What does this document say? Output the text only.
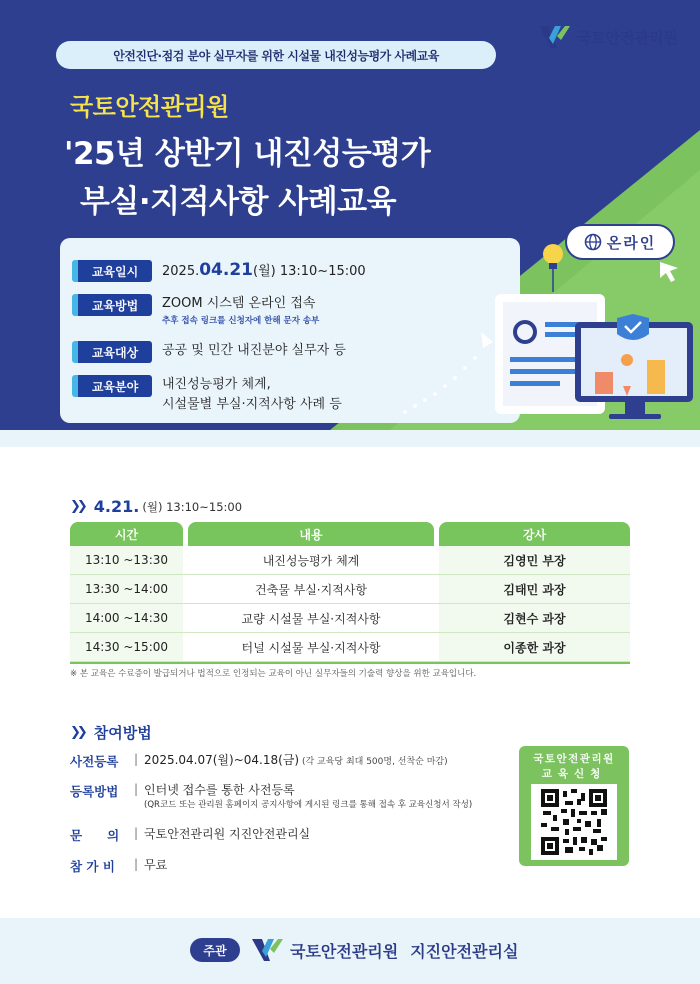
국토안전관리원
안전진단·점검 분야 실무자를 위한 시설물 내진성능평가 사례교육
국토안전관리원
'25년 상반기 내진성능평가
부실·지적사항 사례교육
교육일시	2025.04.21(월) 13:10~15:00
교육방법	ZOOM 시스템 온라인 접속
추후 접속 링크를 신청자에 한해 문자 송부
교육대상	공공 및 민간 내진분야 실무자 등
교육분야	내진성능평가 체계,
시설물별 부실·지적사항 사례 등
온라인
❯❯ 4.21. (월) 13:10~15:00
시간	내용	강사
13:10 ~13:30	내진성능평가 체계	김영민 부장
13:30 ~14:00	건축물 부실·지적사항	김태민 과장
14:00 ~14:30	교량 시설물 부실·지적사항	김현수 과장
14:30 ~15:00	터널 시설물 부실·지적사항	이종한 과장
※ 본 교육은 수료증이 발급되거나 법적으로 인정되는 교육이 아닌 실무자들의 기술력 향상을 위한 교육입니다.
❯❯ 참여방법
사전등록	| 2025.04.07(월)~04.18(금) (각 교육당 최대 500명, 선착순 마감)
등록방법	| 인터넷 접수를 통한 사전등록
(QR코드 또는 관리원 홈페이지 공지사항에 게시된 링크를 통해 접속 후 교육신청서 작성)
문　　의	| 국토안전관리원 지진안전관리실
참 가 비	| 무료
국토안전관리원
교육신청
주관	국토안전관리원 지진안전관리실
